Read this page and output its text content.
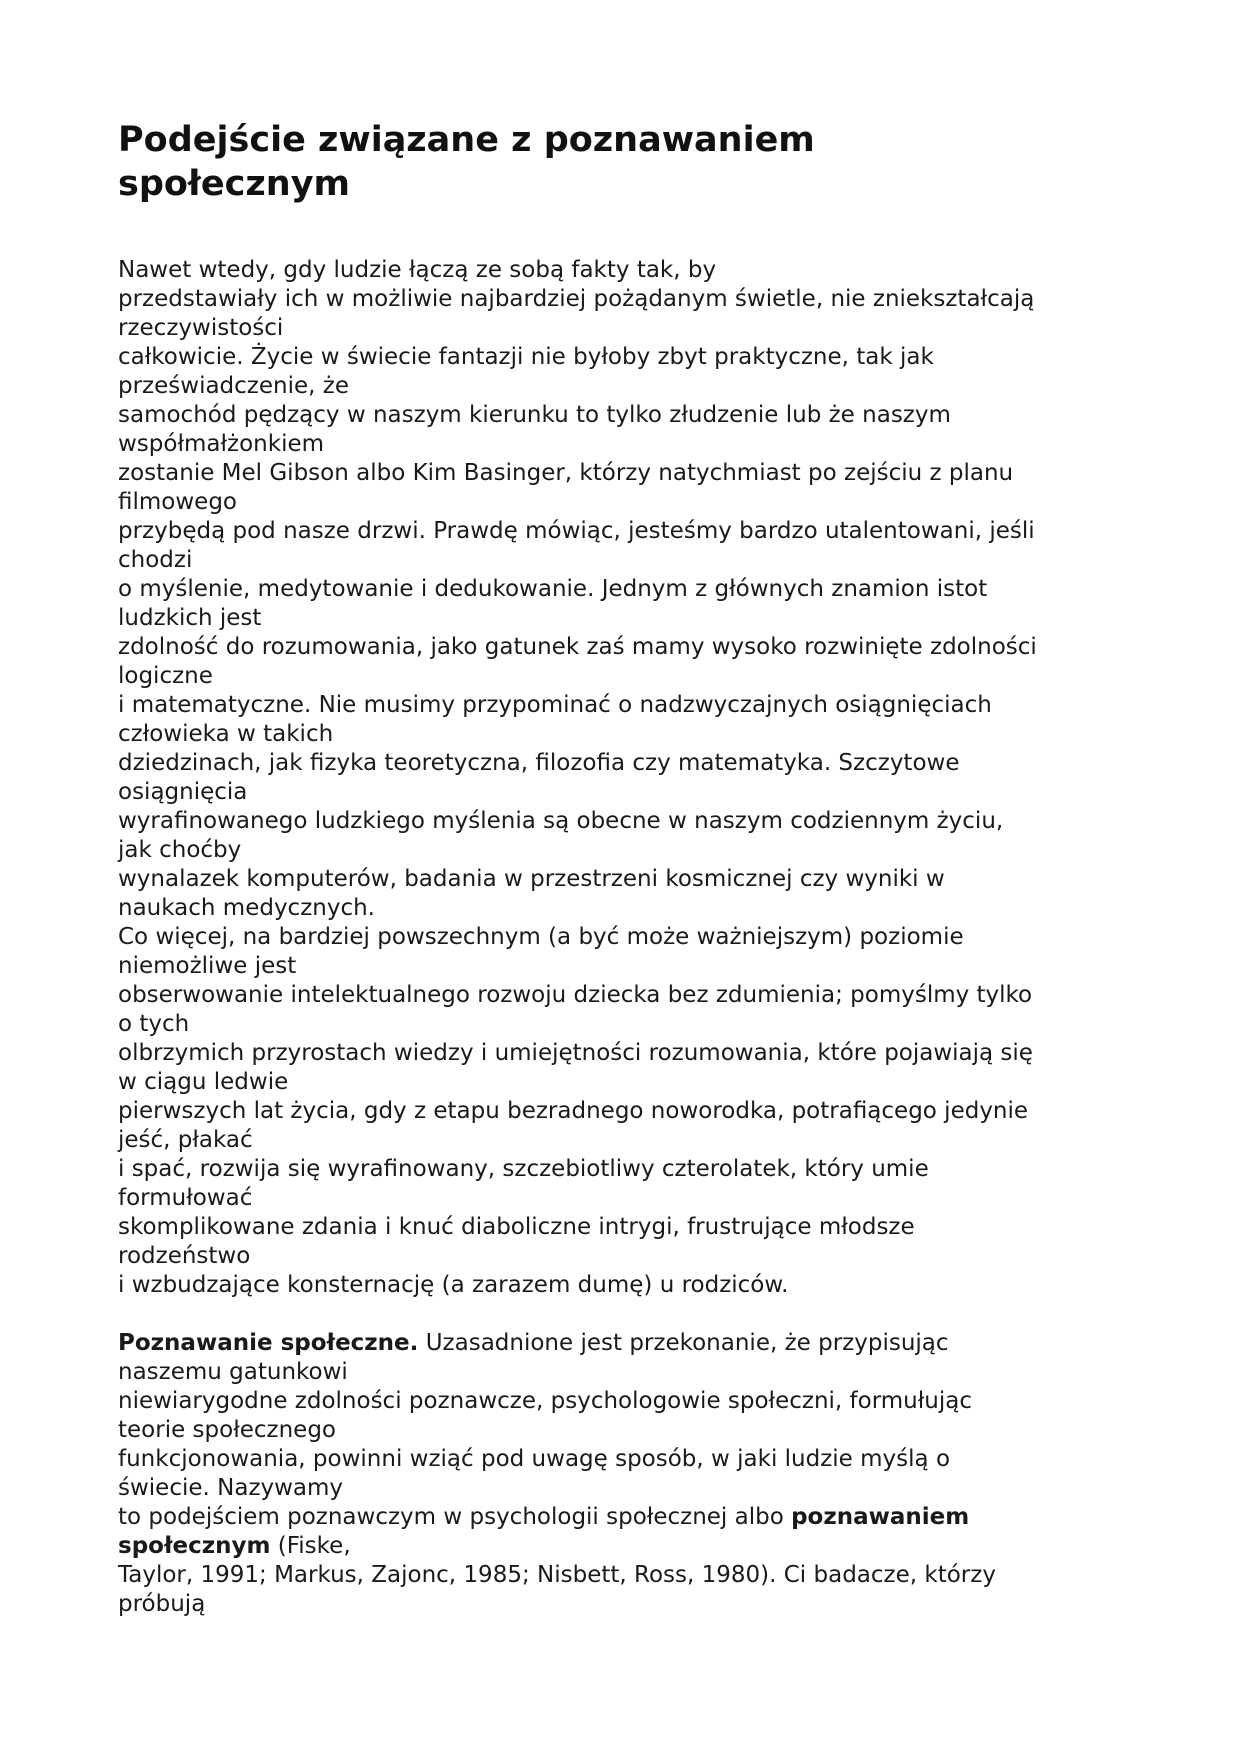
Podejście związane z poznawaniem
społecznym
Nawet wtedy, gdy ludzie łączą ze sobą fakty tak, by
przedstawiały ich w możliwie najbardziej pożądanym świetle, nie zniekształcają
rzeczywistości
całkowicie. Życie w świecie fantazji nie byłoby zbyt praktyczne, tak jak
przeświadczenie, że
samochód pędzący w naszym kierunku to tylko złudzenie lub że naszym
współmałżonkiem
zostanie Mel Gibson albo Kim Basinger, którzy natychmiast po zejściu z planu
filmowego
przybędą pod nasze drzwi. Prawdę mówiąc, jesteśmy bardzo utalentowani, jeśli
chodzi
o myślenie, medytowanie i dedukowanie. Jednym z głównych znamion istot
ludzkich jest
zdolność do rozumowania, jako gatunek zaś mamy wysoko rozwinięte zdolności
logiczne
i matematyczne. Nie musimy przypominać o nadzwyczajnych osiągnięciach
człowieka w takich
dziedzinach, jak fizyka teoretyczna, filozofia czy matematyka. Szczytowe
osiągnięcia
wyrafinowanego ludzkiego myślenia są obecne w naszym codziennym życiu,
jak choćby
wynalazek komputerów, badania w przestrzeni kosmicznej czy wyniki w
naukach medycznych.
Co więcej, na bardziej powszechnym (a być może ważniejszym) poziomie
niemożliwe jest
obserwowanie intelektualnego rozwoju dziecka bez zdumienia; pomyślmy tylko
o tych
olbrzymich przyrostach wiedzy i umiejętności rozumowania, które pojawiają się
w ciągu ledwie
pierwszych lat życia, gdy z etapu bezradnego noworodka, potrafiącego jedynie
jeść, płakać
i spać, rozwija się wyrafinowany, szczebiotliwy czterolatek, który umie
formułować
skomplikowane zdania i knuć diaboliczne intrygi, frustrujące młodsze
rodzeństwo
i wzbudzające konsternację (a zarazem dumę) u rodziców.
Poznawanie społeczne. Uzasadnione jest przekonanie, że przypisując
naszemu gatunkowi
niewiarygodne zdolności poznawcze, psychologowie społeczni, formułując
teorie społecznego
funkcjonowania, powinni wziąć pod uwagę sposób, w jaki ludzie myślą o
świecie. Nazywamy
to podejściem poznawczym w psychologii społecznej albo poznawaniem
społecznym (Fiske,
Taylor, 1991; Markus, Zajonc, 1985; Nisbett, Ross, 1980). Ci badacze, którzy
próbują
